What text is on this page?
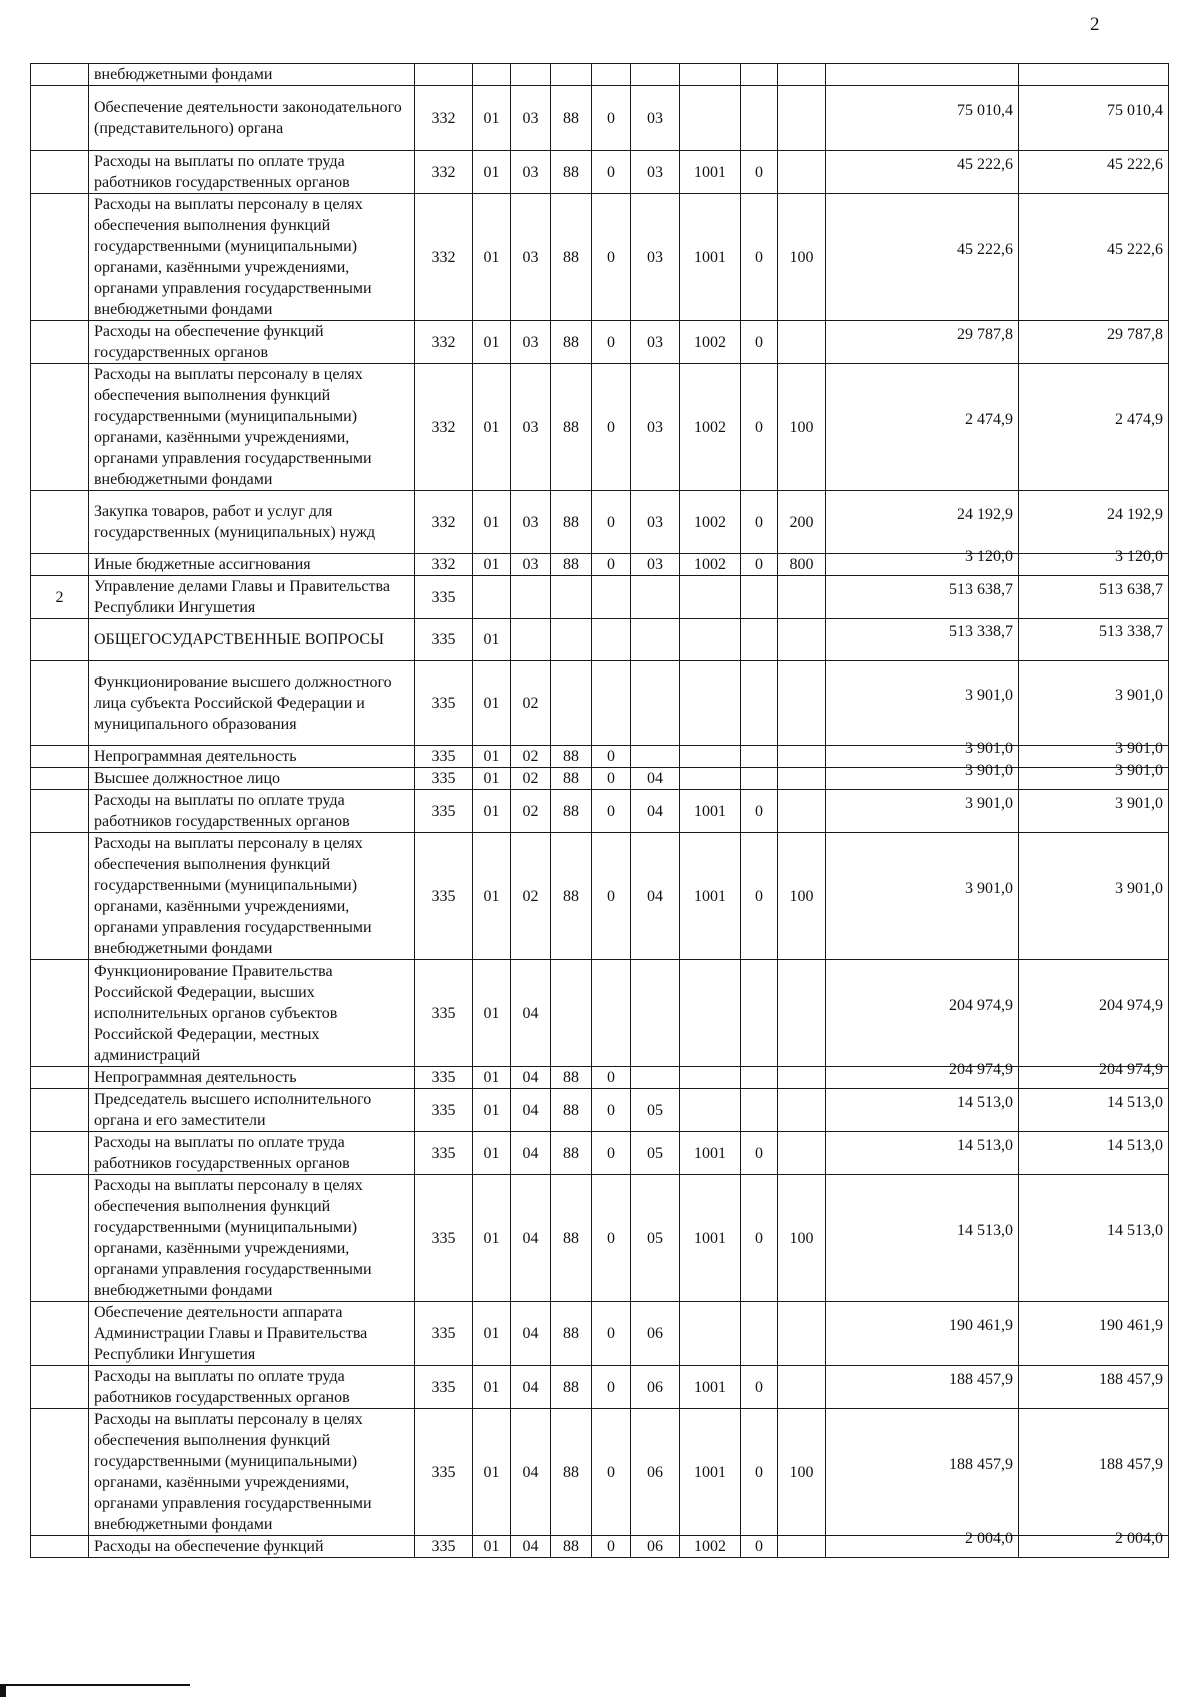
2
	внебюджетными фондами											
	Обеспечение деятельности законодательного (представительного) органа	332	01	03	88	0	03				75 010,4	75 010,4
	Расходы на выплаты по оплате труда работников государственных органов	332	01	03	88	0	03	1001	0		45 222,6	45 222,6
	Расходы на выплаты персоналу в целях обеспечения выполнения функций государственными (муниципальными) органами, казёнными учреждениями, органами управления государственными внебюджетными фондами	332	01	03	88	0	03	1001	0	100	45 222,6	45 222,6
	Расходы на обеспечение функций государственных органов	332	01	03	88	0	03	1002	0		29 787,8	29 787,8
	Расходы на выплаты персоналу в целях обеспечения выполнения функций государственными (муниципальными) органами, казёнными учреждениями, органами управления государственными внебюджетными фондами	332	01	03	88	0	03	1002	0	100	2 474,9	2 474,9
	Закупка товаров, работ и услуг для государственных (муниципальных) нужд	332	01	03	88	0	03	1002	0	200	24 192,9	24 192,9
	Иные бюджетные ассигнования	332	01	03	88	0	03	1002	0	800	3 120,0	3 120,0
2	Управление делами Главы и Правительства Республики Ингушетия	335									513 638,7	513 638,7
	ОБЩЕГОСУДАРСТВЕННЫЕ ВОПРОСЫ	335	01								513 338,7	513 338,7
	Функционирование высшего должностного лица субъекта Российской Федерации и муниципального образования	335	01	02							3 901,0	3 901,0
	Непрограммная деятельность	335	01	02	88	0					3 901,0	3 901,0
	Высшее должностное лицо	335	01	02	88	0	04				3 901,0	3 901,0
	Расходы на выплаты по оплате труда работников государственных органов	335	01	02	88	0	04	1001	0		3 901,0	3 901,0
	Расходы на выплаты персоналу в целях обеспечения выполнения функций государственными (муниципальными) органами, казёнными учреждениями, органами управления государственными внебюджетными фондами	335	01	02	88	0	04	1001	0	100	3 901,0	3 901,0
	Функционирование Правительства Российской Федерации, высших исполнительных органов субъектов Российской Федерации, местных администраций	335	01	04							204 974,9	204 974,9
	Непрограммная деятельность	335	01	04	88	0					204 974,9	204 974,9
	Председатель высшего исполнительного органа и его заместители	335	01	04	88	0	05				14 513,0	14 513,0
	Расходы на выплаты по оплате труда работников государственных органов	335	01	04	88	0	05	1001	0		14 513,0	14 513,0
	Расходы на выплаты персоналу в целях обеспечения выполнения функций государственными (муниципальными) органами, казёнными учреждениями, органами управления государственными внебюджетными фондами	335	01	04	88	0	05	1001	0	100	14 513,0	14 513,0
	Обеспечение деятельности аппарата Администрации Главы и Правительства Республики Ингушетия	335	01	04	88	0	06				190 461,9	190 461,9
	Расходы на выплаты по оплате труда работников государственных органов	335	01	04	88	0	06	1001	0		188 457,9	188 457,9
	Расходы на выплаты персоналу в целях обеспечения выполнения функций государственными (муниципальными) органами, казёнными учреждениями, органами управления государственными внебюджетными фондами	335	01	04	88	0	06	1001	0	100	188 457,9	188 457,9
	Расходы на обеспечение функций	335	01	04	88	0	06	1002	0		2 004,0	2 004,0
